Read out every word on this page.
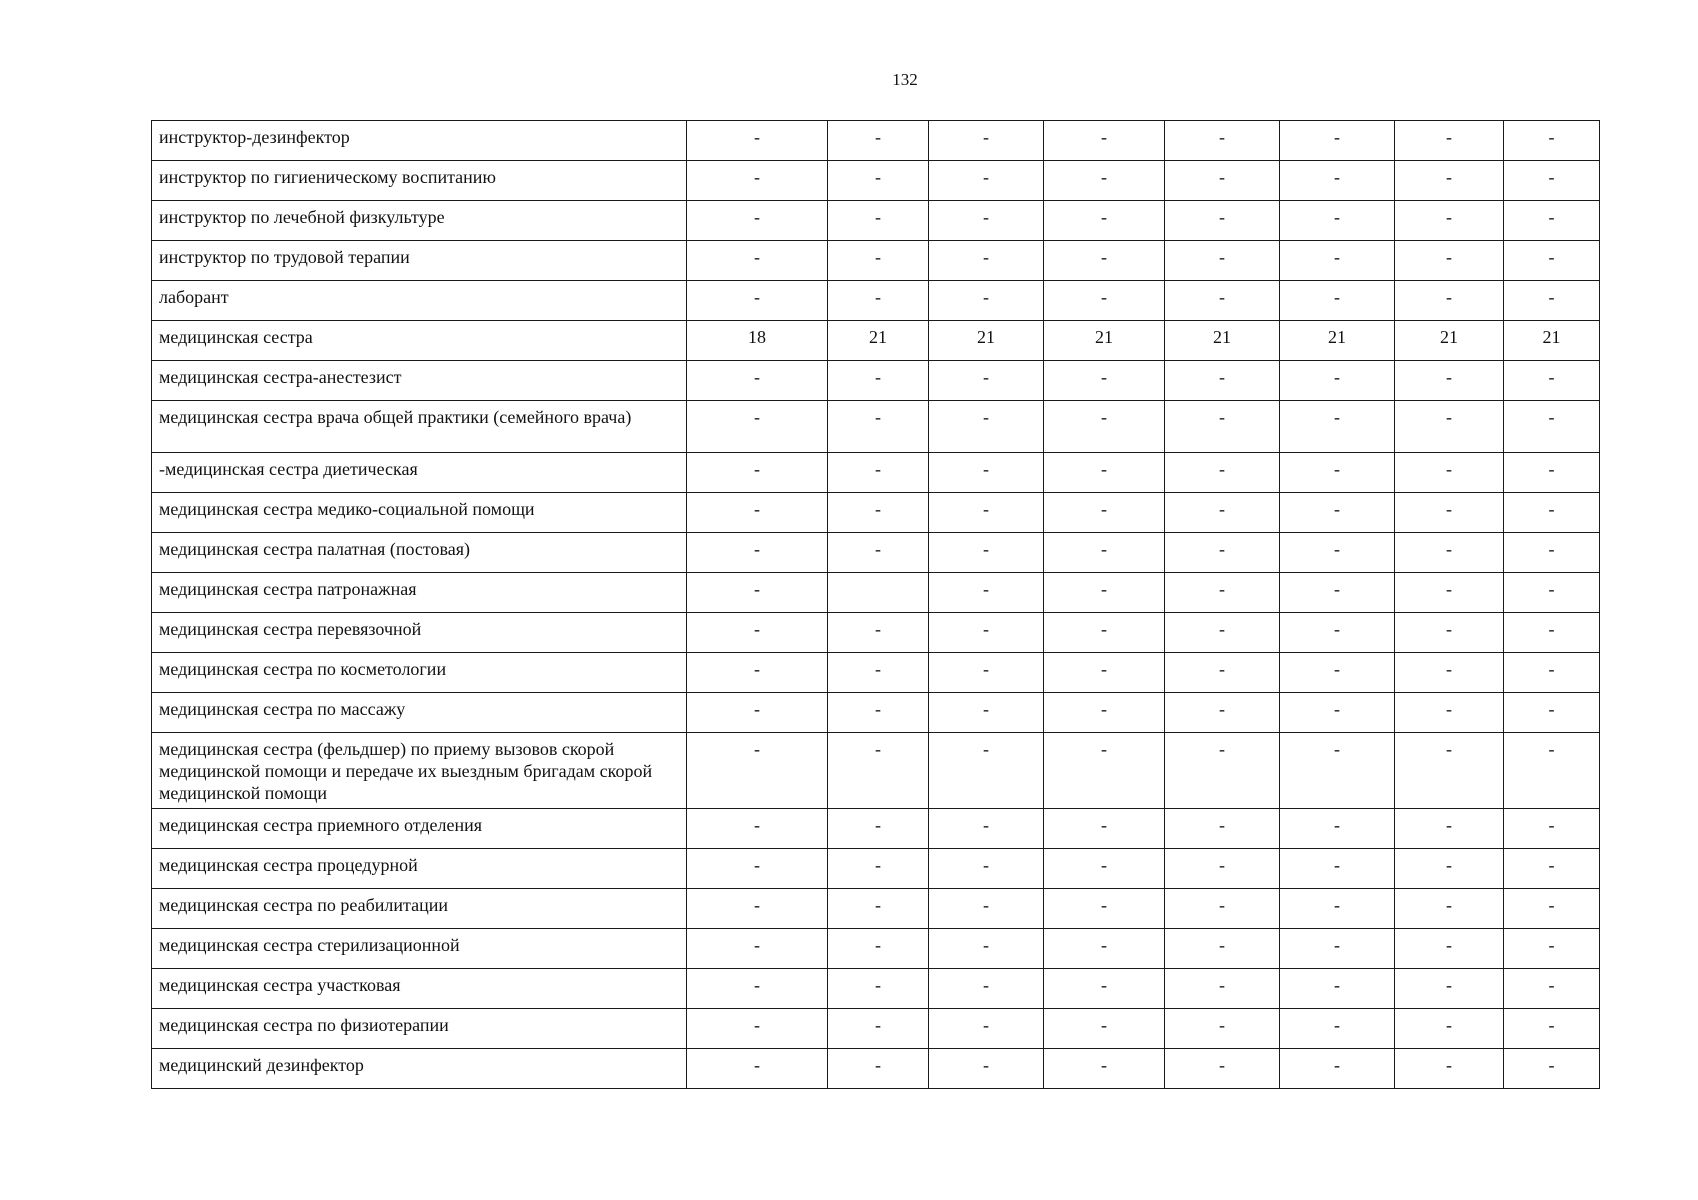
132
инструктор-дезинфектор	-	-	-	-	-	-	-	-
инструктор по гигиеническому воспитанию	-	-	-	-	-	-	-	-
инструктор по лечебной физкультуре	-	-	-	-	-	-	-	-
инструктор по трудовой терапии	-	-	-	-	-	-	-	-
лаборант	-	-	-	-	-	-	-	-
медицинская сестра	18	21	21	21	21	21	21	21
медицинская сестра-анестезист	-	-	-	-	-	-	-	-
медицинская сестра врача общей практики (семейного врача)	-	-	-	-	-	-	-	-
-медицинская сестра диетическая	-	-	-	-	-	-	-	-
медицинская сестра медико-социальной помощи	-	-	-	-	-	-	-	-
медицинская сестра палатная (постовая)	-	-	-	-	-	-	-	-
медицинская сестра патронажная	-		-	-	-	-	-	-
медицинская сестра перевязочной	-	-	-	-	-	-	-	-
медицинская сестра по косметологии	-	-	-	-	-	-	-	-
медицинская сестра по массажу	-	-	-	-	-	-	-	-
медицинская сестра (фельдшер) по приему вызовов скорой медицинской помощи и передаче их выездным бригадам скорой медицинской помощи	-	-	-	-	-	-	-	-
медицинская сестра приемного отделения	-	-	-	-	-	-	-	-
медицинская сестра процедурной	-	-	-	-	-	-	-	-
медицинская сестра по реабилитации	-	-	-	-	-	-	-	-
медицинская сестра стерилизационной	-	-	-	-	-	-	-	-
медицинская сестра участковая	-	-	-	-	-	-	-	-
медицинская сестра по физиотерапии	-	-	-	-	-	-	-	-
медицинский дезинфектор	-	-	-	-	-	-	-	-
